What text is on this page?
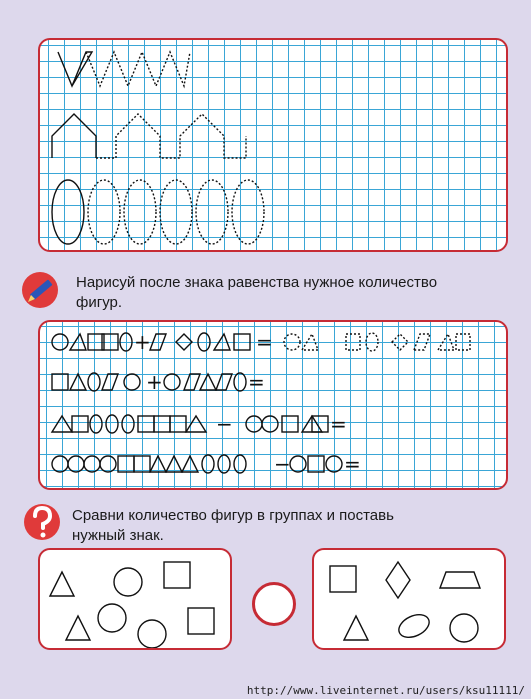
Нарисуй после знака равенства нужное количество
фигур.
+	=
+	=
−	=
−	=
Сравни количество фигур в группах и поставь
нужный знак.
http://www.liveinternet.ru/users/ksu11111/
